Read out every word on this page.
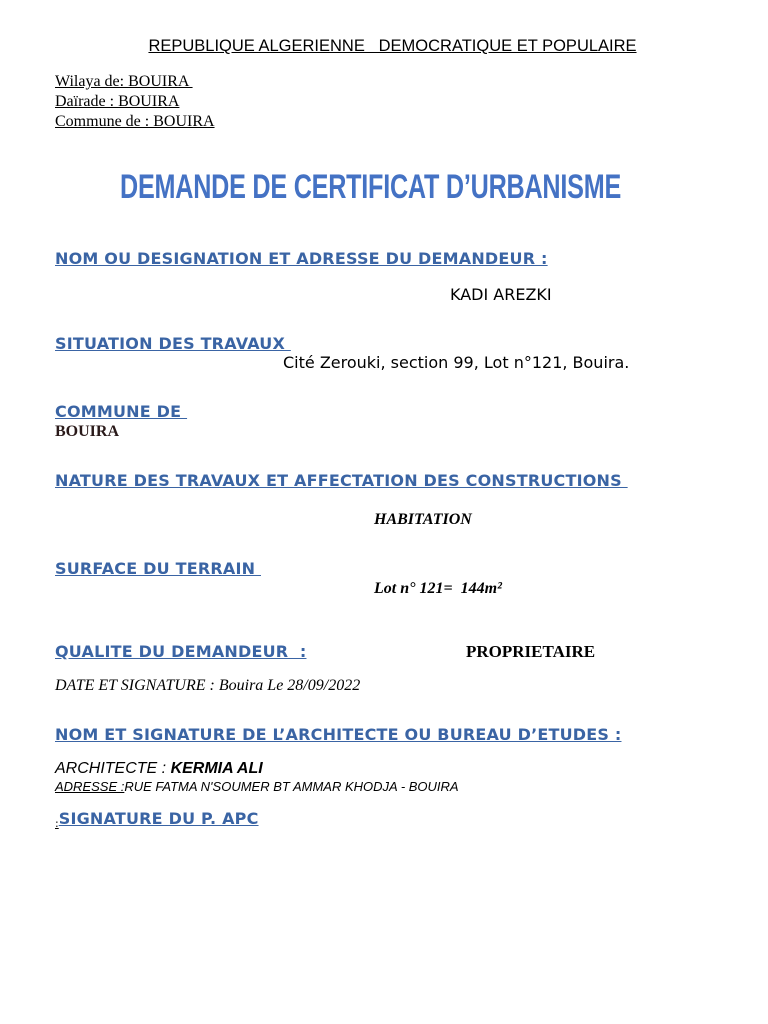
REPUBLIQUE ALGERIENNE   DEMOCRATIQUE ET POPULAIRE
Wilaya de: BOUIRA
Daïrade : BOUIRA
Commune de : BOUIRA
DEMANDE DE CERTIFICAT D’URBANISME
NOM OU DESIGNATION ET ADRESSE DU DEMANDEUR :
KADI AREZKI
SITUATION DES TRAVAUX
Cité Zerouki, section 99, Lot n°121, Bouira.
COMMUNE DE
BOUIRA
NATURE DES TRAVAUX ET AFFECTATION DES CONSTRUCTIONS
HABITATION
SURFACE DU TERRAIN
Lot n° 121=  144m²
QUALITE DU DEMANDEUR  :	PROPRIETAIRE
DATE ET SIGNATURE : Bouira Le 28/09/2022
NOM ET SIGNATURE DE L’ARCHITECTE OU BUREAU D’ETUDES :
ARCHITECTE : KERMIA ALI
ADRESSE :RUE FATMA N'SOUMER BT AMMAR KHODJA - BOUIRA
:SIGNATURE DU P. APC
